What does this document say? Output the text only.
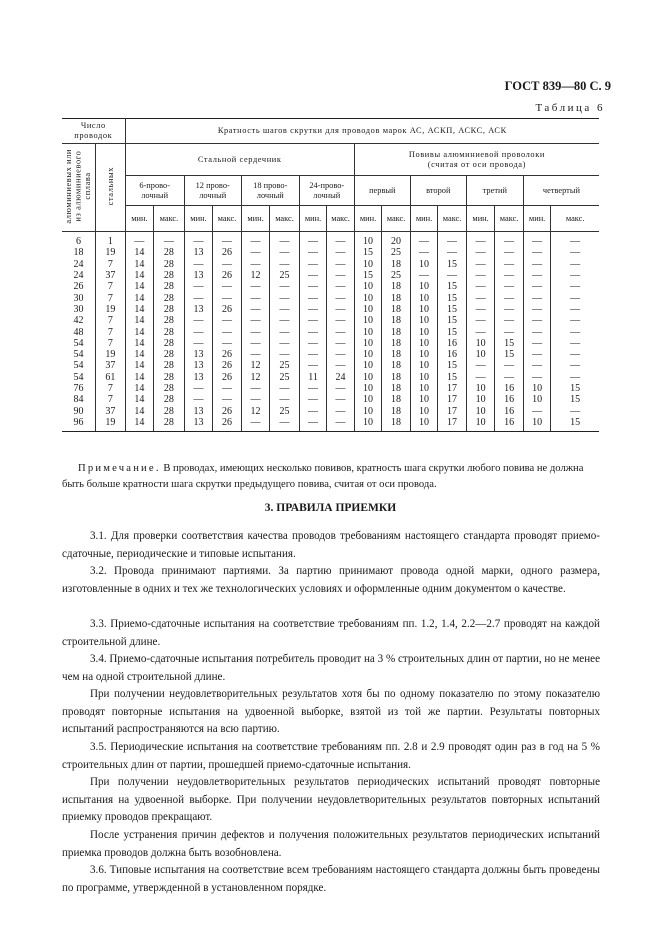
ГОСТ 839—80 С. 9
Таблица 6
Число
проводок		Кратность шагов скрутки для проводов марок АС, АСКП, АСКС, АСК															

алюминиевых или
из алюминиевого
сплава	стальных	Стальной сердечник								Повивы алюминиевой проволоки
(считая от оси провода)							

		6-прово-
лочный		12 прово-
лочный		18 прово-
лочный		24-прово-
лочный		первый		второй		третий		четвертый	
		мин.	макс.	мин.	макс.	мин.	макс.	мин.	макс.	мин.	макс.	мин.	макс.	мин.	макс.	мин.	макс.
6	1	—	—	—	—	—	—	—	—	10	20	—	—	—	—	—	—
18	19	14	28	13	26	—	—	—	—	15	25	—	—	—	—	—	—
24	7	14	28	—	—	—	—	—	—	10	18	10	15	—	—	—	—
24	37	14	28	13	26	12	25	—	—	15	25	—	—	—	—	—	—
26	7	14	28	—	—	—	—	—	—	10	18	10	15	—	—	—	—
30	7	14	28	—	—	—	—	—	—	10	18	10	15	—	—	—	—
30	19	14	28	13	26	—	—	—	—	10	18	10	15	—	—	—	—
42	7	14	28	—	—	—	—	—	—	10	18	10	15	—	—	—	—
48	7	14	28	—	—	—	—	—	—	10	18	10	15	—	—	—	—
54	7	14	28	—	—	—	—	—	—	10	18	10	16	10	15	—	—
54	19	14	28	13	26	—	—	—	—	10	18	10	16	10	15	—	—
54	37	14	28	13	26	12	25	—	—	10	18	10	15	—	—	—	—
54	61	14	28	13	26	12	25	11	24	10	18	10	15	—	—	—	—
76	7	14	28	—	—	—	—	—	—	10	18	10	17	10	16	10	15
84	7	14	28	—	—	—	—	—	—	10	18	10	17	10	16	10	15
90	37	14	28	13	26	12	25	—	—	10	18	10	17	10	16	—	—
96	19	14	28	13	26	—	—	—	—	10	18	10	17	10	16	10	15
Примечание. В проводах, имеющих несколько повивов, кратность шага скрутки любого повива не должна быть больше кратности шага скрутки предыдущего повива, считая от оси провода.
3. ПРАВИЛА ПРИЕМКИ
3.1. Для проверки соответствия качества проводов требованиям настоящего стандарта проводят приемо-сдаточные, периодические и типовые испытания.
3.2. Провода принимают партиями. За партию принимают провода одной марки, одного размера, изготовленные в одних и тех же технологических условиях и оформленные одним документом о качестве.
3.3. Приемо-сдаточные испытания на соответствие требованиям пп. 1.2, 1.4, 2.2—2.7 проводят на каждой строительной длине.
3.4. Приемо-сдаточные испытания потребитель проводит на 3 % строительных длин от партии, но не менее чем на одной строительной длине.
При получении неудовлетворительных результатов хотя бы по одному показателю по этому показателю проводят повторные испытания на удвоенной выборке, взятой из той же партии. Результаты повторных испытаний распространяются на всю партию.
3.5. Периодические испытания на соответствие требованиям пп. 2.8 и 2.9 проводят один раз в год на 5 % строительных длин от партии, прошедшей приемо-сдаточные испытания.
При получении неудовлетворительных результатов периодических испытаний проводят повторные испытания на удвоенной выборке. При получении неудовлетворительных результатов повторных испытаний приемку проводов прекращают.
После устранения причин дефектов и получения положительных результатов периодических испытаний приемка проводов должна быть возобновлена.
3.6. Типовые испытания на соответствие всем требованиям настоящего стандарта должны быть проведены по программе, утвержденной в установленном порядке.
